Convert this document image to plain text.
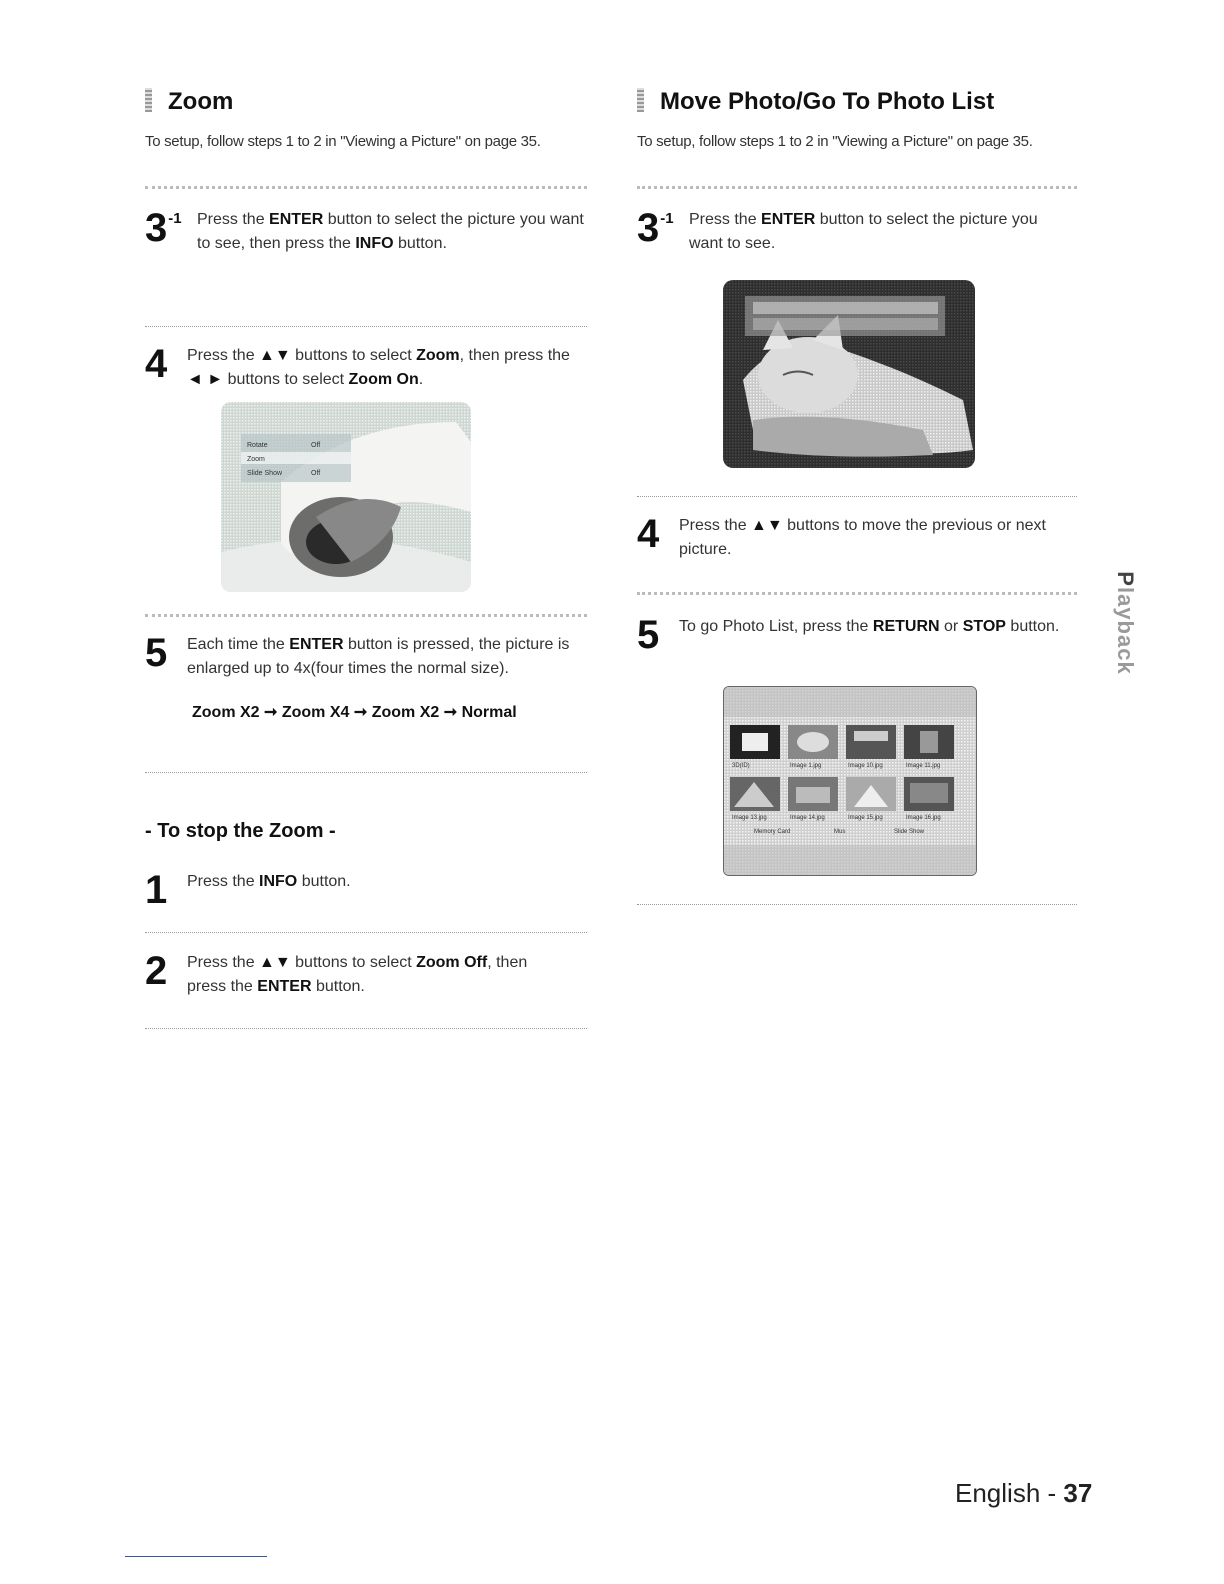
Zoom
To setup, follow steps 1 to 2 in "Viewing a Picture" on page 35.
$3^{-1}$ Press the ENTER button to select the picture you want to see, then press the INFO button.
4 Press the ▲▼ buttons to select Zoom, then press the ◄ ► buttons to select Zoom On.
Rotate	Off
Zoom
Slide Show	Off
5 Each time the ENTER button is pressed, the picture is enlarged up to 4x(four times the normal size).
Zoom X2 ➞ Zoom X4 ➞ Zoom X2 ➞ Normal
- To stop the Zoom -
1 Press the INFO button.
2 Press the ▲▼ buttons to select Zoom Off, then press the ENTER button.
Move Photo/Go To Photo List
To setup, follow steps 1 to 2 in "Viewing a Picture" on page 35.
$3^{-1}$ Press the ENTER button to select the picture you want to see.
4 Press the ▲▼ buttons to move the previous or next picture.
5 To go Photo List, press the RETURN or STOP button.
3D(ID)	Image 1.jpg	Image 10.jpg	Image 11.jpg
Image 13.jpg	Image 14.jpg	Image 15.jpg	Image 16.jpg
Memory Card	Mus	Slide Show
Playback
English - 37
